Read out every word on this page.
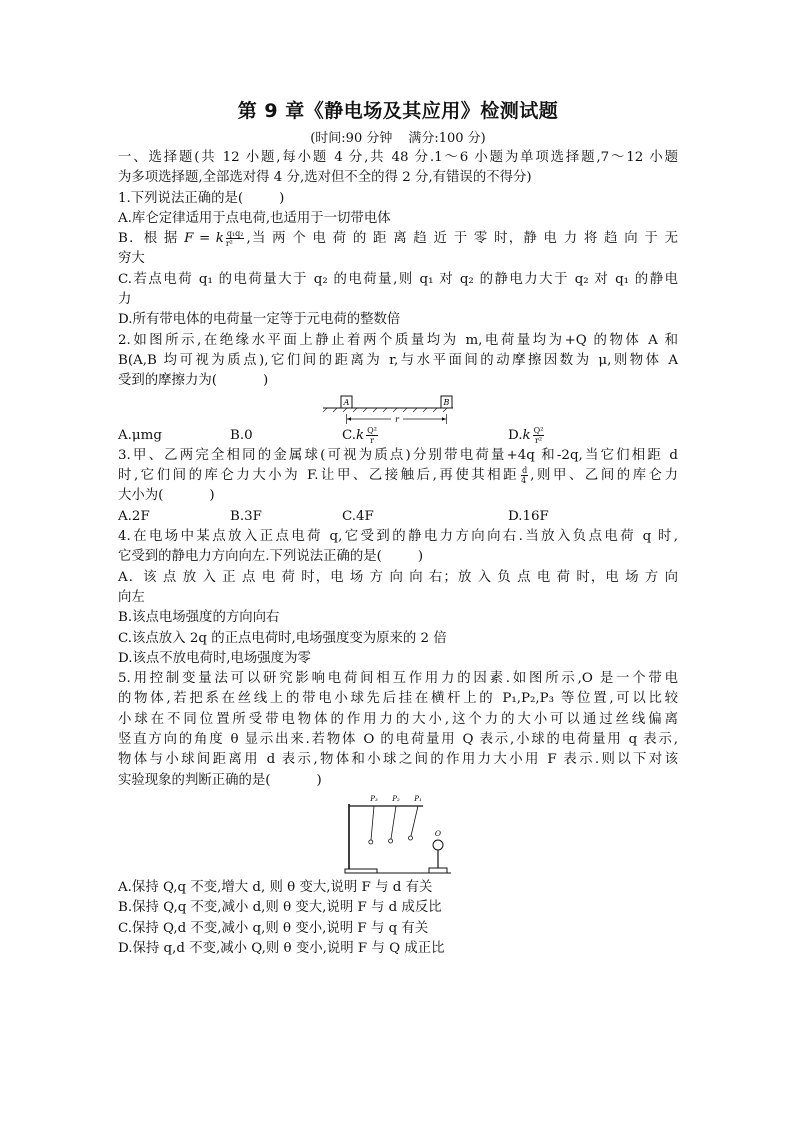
第 9 章《静电场及其应用》检测试题
(时间:90 分钟 满分:100 分)

一、选择题(共 12 小题,每小题 4 分,共 48 分.1～6 小题为单项选择题,7～12 小题

为多项选择题,全部选对得 4 分,选对但不全的得 2 分,有错误的不得分)

1.下列说法正确的是(	)

A.库仑定律适用于点电荷,也适用于一切带电体

B．根 据 F = k $\frac{\text{q₁q₂}}{\text{r²}}$ ,当 两 个 电 荷 的 距 离 趋 近 于 零 时，静 电 力 将 趋 向 于 无

穷大

C.若点电荷 q₁ 的电荷量大于 q₂ 的电荷量,则 q₁ 对 q₂ 的静电力大于 q₂ 对 q₁ 的静电

力

D.所有带电体的电荷量一定等于元电荷的整数倍

2.如图所示,在绝缘水平面上静止着两个质量均为 m,电荷量均为+Q 的物体 A 和

B(A,B 均可视为质点),它们间的距离为 r,与水平面间的动摩擦因数为 μ,则物体 A

受到的摩擦力为(	)

A	B
r
A.μmg	B.0	$C.k \frac{\text{Q²}}{r}$	$D.k \frac{\text{Q²}}{\text{r²}}$

3.甲、乙两完全相同的金属球(可视为质点)分别带电荷量+4q 和-2q,当它们相距 d

时,它们间的库仑力大小为 F.让甲、乙接触后,再使其相距 $\frac{d}{4}$ ,则甲、乙间的库仑力

大小为(	)

A.2F	B.3F	C.4F	D.16F

4.在电场中某点放入正点电荷 q,它受到的静电力方向向右.当放入负点电荷 q 时,

它受到的静电力方向向左.下列说法正确的是(	)

A．该 点 放 入 正 点 电 荷 时，电 场 方 向 向 右；放 入 负 点 电 荷 时，电 场 方 向

向左

B.该点电场强度的方向向右

C.该点放入 2q 的正点电荷时,电场强度变为原来的 2 倍

D.该点不放电荷时,电场强度为零

5.用控制变量法可以研究影响电荷间相互作用力的因素.如图所示,O 是一个带电

的物体,若把系在丝线上的带电小球先后挂在横杆上的 P₁,P₂,P₃ 等位置,可以比较

小球在不同位置所受带电物体的作用力的大小,这个力的大小可以通过丝线偏离

竖直方向的角度 θ 显示出来.若物体 O 的电荷量用 Q 表示,小球的电荷量用 q 表示,

物体与小球间距离用 d 表示,物体和小球之间的作用力大小用 F 表示.则以下对该

实验现象的判断正确的是(	)

P₃ P₂ P₁
O

A.保持 Q,q 不变,增大 d, 则 θ 变大,说明 F 与 d 有关

B.保持 Q,q 不变,减小 d,则 θ 变大,说明 F 与 d 成反比

C.保持 Q,d 不变,减小 q,则 θ 变小,说明 F 与 q 有关

D.保持 q,d 不变,减小 Q,则 θ 变小,说明 F 与 Q 成正比
